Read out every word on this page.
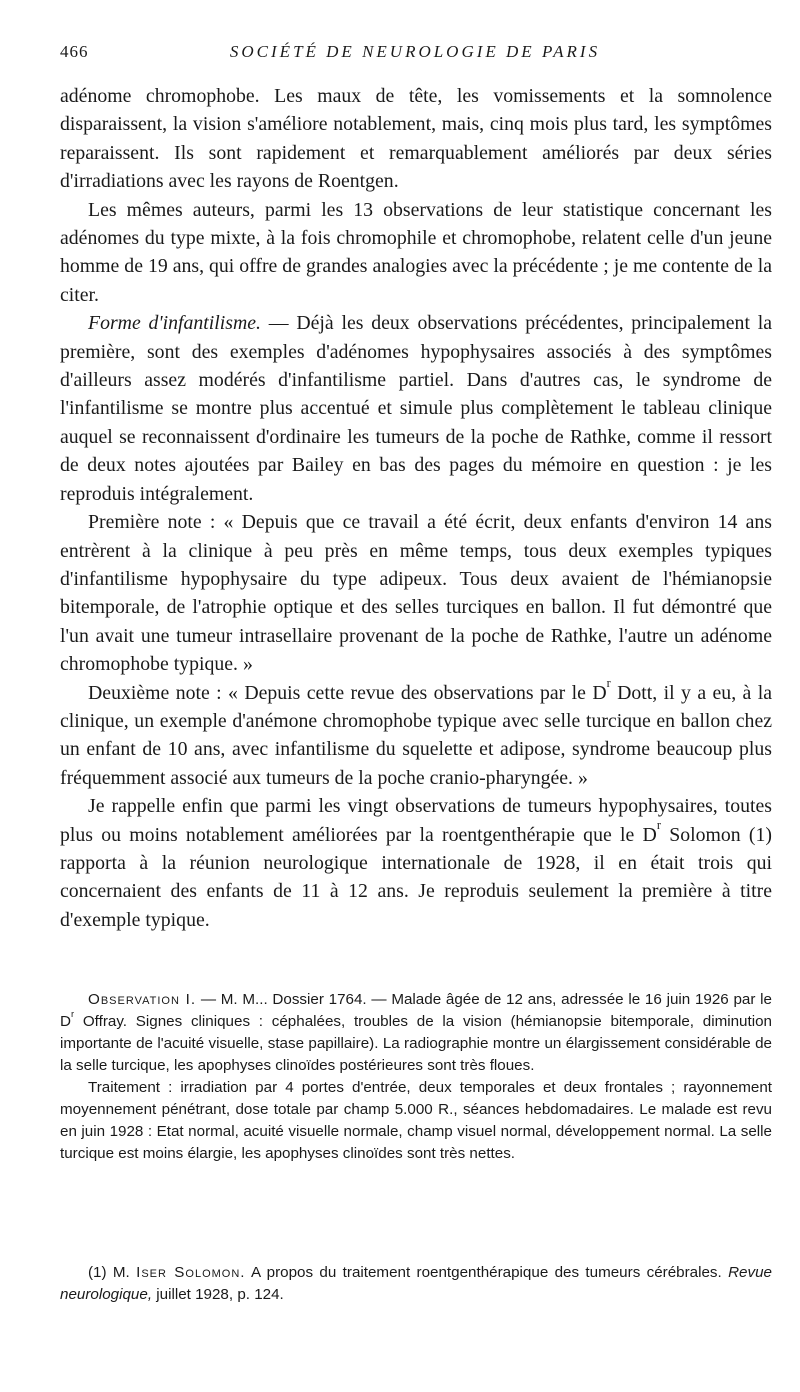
466	SOCIÉTÉ DE NEUROLOGIE DE PARIS

adénome chromophobe. Les maux de tête, les vomissements et la somnolence disparaissent, la vision s'améliore notablement, mais, cinq mois plus tard, les symptômes reparaissent. Ils sont rapidement et remarquablement améliorés par deux séries d'irradiations avec les rayons de Roentgen.

Les mêmes auteurs, parmi les 13 observations de leur statistique concernant les adénomes du type mixte, à la fois chromophile et chromophobe, relatent celle d'un jeune homme de 19 ans, qui offre de grandes analogies avec la précédente ; je me contente de la citer.

Forme d'infantilisme. — Déjà les deux observations précédentes, principalement la première, sont des exemples d'adénomes hypophysaires associés à des symptômes d'ailleurs assez modérés d'infantilisme partiel. Dans d'autres cas, le syndrome de l'infantilisme se montre plus accentué et simule plus complètement le tableau clinique auquel se reconnaissent d'ordinaire les tumeurs de la poche de Rathke, comme il ressort de deux notes ajoutées par Bailey en bas des pages du mémoire en question : je les reproduis intégralement.

Première note : « Depuis que ce travail a été écrit, deux enfants d'environ 14 ans entrèrent à la clinique à peu près en même temps, tous deux exemples typiques d'infantilisme hypophysaire du type adipeux. Tous deux avaient de l'hémianopsie bitemporale, de l'atrophie optique et des selles turciques en ballon. Il fut démontré que l'un avait une tumeur intrasellaire provenant de la poche de Rathke, l'autre un adénome chromophobe typique. »

Deuxième note : « Depuis cette revue des observations par le $D^r$ Dott, il y a eu, à la clinique, un exemple d'anémone chromophobe typique avec selle turcique en ballon chez un enfant de 10 ans, avec infantilisme du squelette et adipose, syndrome beaucoup plus fréquemment associé aux tumeurs de la poche cranio-pharyngée. »

Je rappelle enfin que parmi les vingt observations de tumeurs hypophysaires, toutes plus ou moins notablement améliorées par la roentgenthérapie que le $D^r$ Solomon (1) rapporta à la réunion neurologique internationale de 1928, il en était trois qui concernaient des enfants de 11 à 12 ans. Je reproduis seulement la première à titre d'exemple typique.

Observation I. — M. M... Dossier 1764. — Malade âgée de 12 ans, adressée le 16 juin 1926 par le $D^r$ Offray. Signes cliniques : céphalées, troubles de la vision (hémianopsie bitemporale, diminution importante de l'acuité visuelle, stase papillaire). La radiographie montre un élargissement considérable de la selle turcique, les apophyses clinoïdes postérieures sont très floues.

Traitement : irradiation par 4 portes d'entrée, deux temporales et deux frontales ; rayonnement moyennement pénétrant, dose totale par champ 5.000 R., séances hebdomadaires. Le malade est revu en juin 1928 : Etat normal, acuité visuelle normale, champ visuel normal, développement normal. La selle turcique est moins élargie, les apophyses clinoïdes sont très nettes.

(1) M. Iser Solomon. A propos du traitement roentgenthérapique des tumeurs cérébrales. Revue neurologique, juillet 1928, p. 124.
